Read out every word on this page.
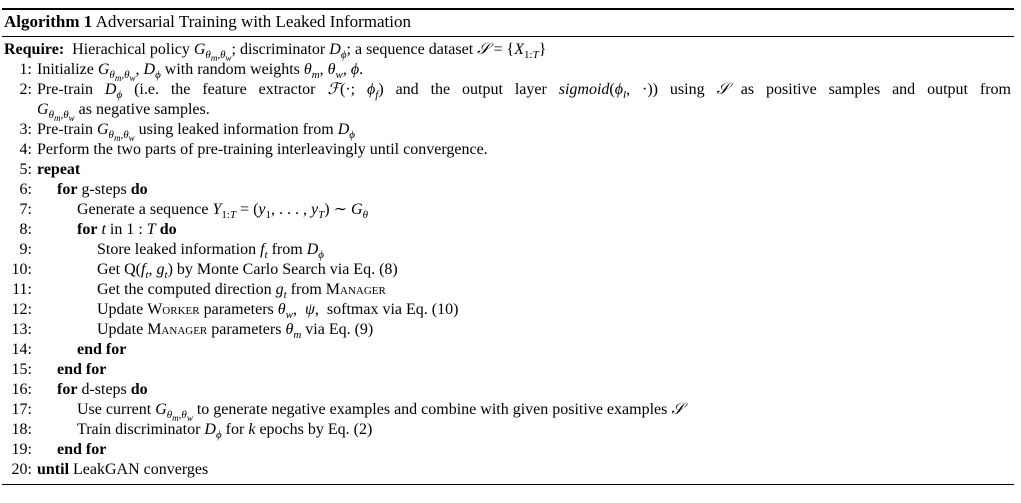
Algorithm 1 Adversarial Training with Leaked Information
Require:  Hierachical policy $G_{\theta_m,\theta_w}$; discriminator $D_\phi$; a sequence dataset 𝒮 = $\{X_{1:T}\}$
1: Initialize $G_{\theta_m,\theta_w}$, $D_\phi$ with random weights $\theta_m$, $\theta_w$, ϕ.
2: Pre-train $D_\phi$ (i.e. the feature extractor ℱ(·; $\phi_f$) and the output layer $sigmoid(\phi_l$, ·)) using 𝒮 as positive samples and output from
$G_{\theta_m,\theta_w}$ as negative samples.
3: Pre-train $G_{\theta_m,\theta_w}$ using leaked information from $D_\phi$
4: Perform the two parts of pre-training interleavingly until convergence.
5: repeat
6: for g-steps do
7:	Generate a sequence $Y_{1:T} = (y_1$, . . . , $y_T$) ∼ $G_\theta$
8:	for t in 1 : T do
9:	Store leaked information $f_t$ from $D_\phi$
10:	Get $Q(f_t$, $g_t$) by Monte Carlo Search via Eq. (8)
11:	Get the computed direction $g_t$ from Manager
12:	Update Worker parameters $\theta_w$,  ψ,  softmax via Eq. (10)
13:	Update Manager parameters $\theta_m$ via Eq. (9)
14:	end for
15: end for
16: for d-steps do
17:	Use current $G_{\theta_m,\theta_w}$ to generate negative examples and combine with given positive examples 𝒮
18:	Train discriminator $D_\phi$ for k epochs by Eq. (2)
19: end for
20: until LeakGAN converges
